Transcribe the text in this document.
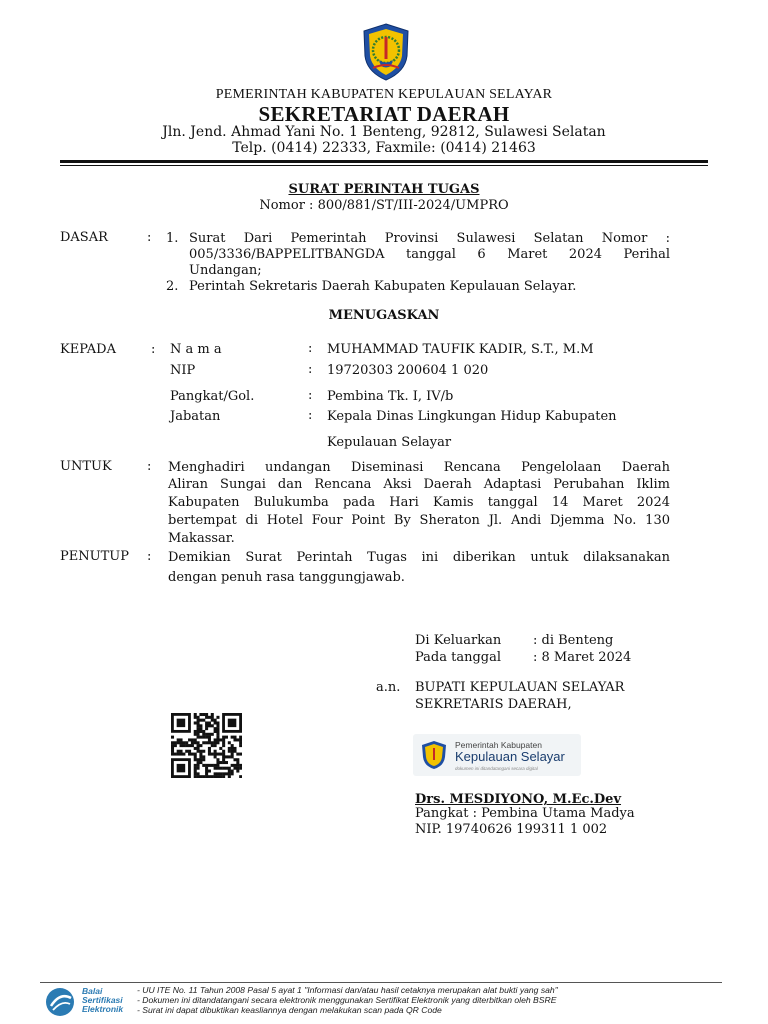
PEMERINTAH KABUPATEN KEPULAUAN SELAYAR
SEKRETARIAT DAERAH
Jln. Jend. Ahmad Yani No. 1 Benteng, 92812, Sulawesi Selatan
Telp. (0414) 22333, Faxmile: (0414) 21463
SURAT PERINTAH TUGAS
Nomor : 800/881/ST/III-2024/UMPRO
DASAR	: 1. Surat Dari Pemerintah Provinsi Sulawesi Selatan Nomor :
005/3336/BAPPELITBANGDA tanggal 6 Maret 2024 Perihal
Undangan;
2. Perintah Sekretaris Daerah Kabupaten Kepulauan Selayar.
MENUGASKAN
KEPADA	: N a m a	: MUHAMMAD TAUFIK KADIR, S.T., M.M
NIP	: 19720303 200604 1 020
Pangkat/Gol.	: Pembina Tk. I, IV/b
Jabatan	: Kepala Dinas Lingkungan Hidup Kabupaten
Kepulauan Selayar
UNTUK	: Menghadiri undangan Diseminasi Rencana Pengelolaan Daerah
Aliran Sungai dan Rencana Aksi Daerah Adaptasi Perubahan Iklim
Kabupaten Bulukumba pada Hari Kamis tanggal 14 Maret 2024
bertempat di Hotel Four Point By Sheraton Jl. Andi Djemma No. 130
Makassar.
PENUTUP : Demikian Surat Perintah Tugas ini diberikan untuk dilaksanakan
dengan penuh rasa tanggungjawab.
Di Keluarkan : di Benteng
Pada tanggal : 8 Maret 2024
a.n. BUPATI KEPULAUAN SELAYAR
SEKRETARIS DAERAH,
Pemerintah Kabupaten
Kepulauan Selayar
dokumen ini ditandatangani secara digital
Drs. MESDIYONO, M.Ec.Dev
Pangkat : Pembina Utama Madya
NIP. 19740626 199311 1 002
Balai
Sertifikasi
Elektronik
- UU ITE No. 11 Tahun 2008 Pasal 5 ayat 1 "Informasi dan/atau hasil cetaknya merupakan alat bukti yang sah"
- Dokumen ini ditandatangani secara elektronik menggunakan Sertifikat Elektronik yang diterbitkan oleh BSRE
- Surat ini dapat dibuktikan keasliannya dengan melakukan scan pada QR Code
